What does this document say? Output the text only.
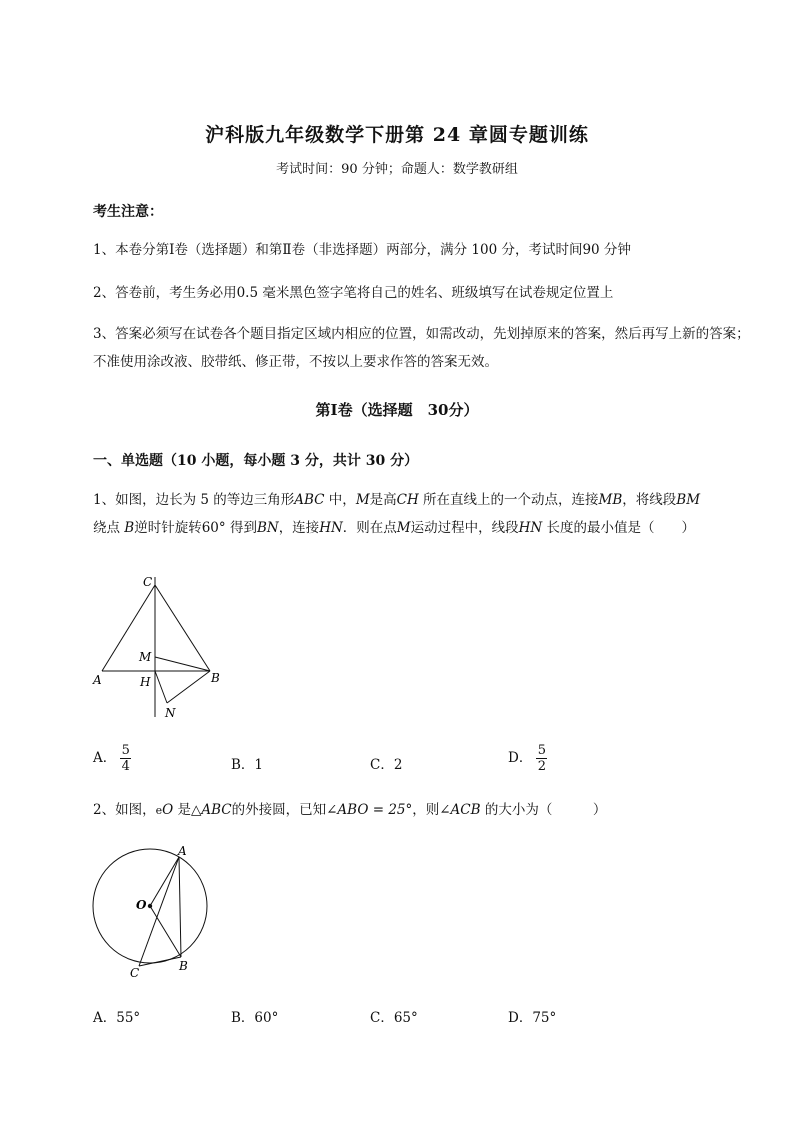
沪科版九年级数学下册第 24 章圆专题训练
考试时间：90 分钟；命题人：数学教研组
考生注意：
1、本卷分第Ⅰ卷（选择题）和第Ⅱ卷（非选择题）两部分，满分 100 分，考试时间90 分钟
2、答卷前，考生务必用0.5 毫米黑色签字笔将自己的姓名、班级填写在试卷规定位置上
3、答案必须写在试卷各个题目指定区域内相应的位置，如需改动，先划掉原来的答案，然后再写上新的答案；不准使用涂改液、胶带纸、修正带，不按以上要求作答的答案无效。
第Ⅰ卷（选择题　30分）
一、单选题（10 小题，每小题 3 分，共计 30 分）
1、如图，边长为 5 的等边三角形ABC 中，M是高CH 所在直线上的一个动点，连接MB，将线段BM
绕点 B逆时针旋转60° 得到BN，连接HN．则在点M运动过程中，线段HN 长度的最小值是（　　）
C
M
A	H	B
N
A． $\frac{5}{4}$	B．1	C．2	D． $\frac{5}{2}$
2、如图，eO 是△ABC的外接圆，已知∠ABO = 25°，则∠ACB 的大小为（　　　）
A
O
B
C
A．55°	B．60°	C．65°	D．75°
